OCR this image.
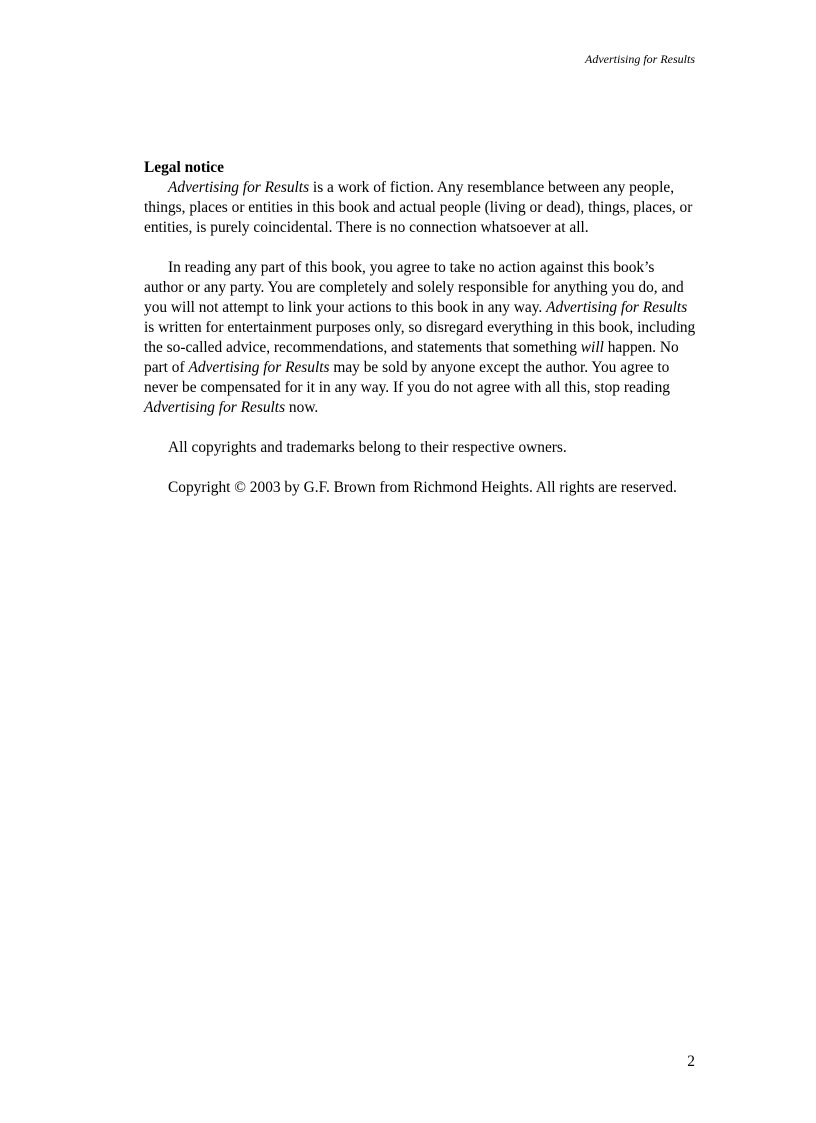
Advertising for Results

Legal notice

Advertising for Results is a work of fiction. Any resemblance between any people, things, places or entities in this book and actual people (living or dead), things, places, or entities, is purely coincidental. There is no connection whatsoever at all.

In reading any part of this book, you agree to take no action against this book’s author or any party. You are completely and solely responsible for anything you do, and you will not attempt to link your actions to this book in any way. Advertising for Results is written for entertainment purposes only, so disregard everything in this book, including the so-called advice, recommendations, and statements that something will happen. No part of Advertising for Results may be sold by anyone except the author. You agree to never be compensated for it in any way. If you do not agree with all this, stop reading Advertising for Results now.

All copyrights and trademarks belong to their respective owners.

Copyright © 2003 by G.F. Brown from Richmond Heights. All rights are reserved.

2
